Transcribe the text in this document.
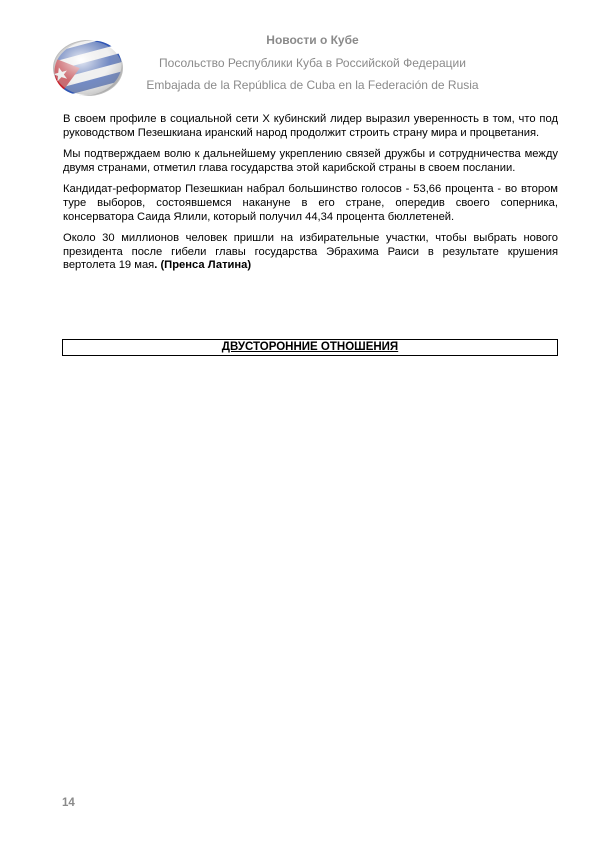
Новости о Кубе
Посольство Республики Куба в Российской Федерации
Embajada de la República de Cuba en la Federación de Rusia

В своем профиле в социальной сети Х кубинский лидер выразил уверенность в том, что под руководством Пезешкиана иранский народ продолжит строить страну мира и процветания.

Мы подтверждаем волю к дальнейшему укреплению связей дружбы и сотрудничества между двумя странами, отметил глава государства этой карибской страны в своем послании.

Кандидат-реформатор Пезешкиан набрал большинство голосов - 53,66 процента - во втором туре выборов, состоявшемся накануне в его стране, опередив своего соперника, консерватора Саида Ялили, который получил 44,34 процента бюллетеней.

Около 30 миллионов человек пришли на избирательные участки, чтобы выбрать нового президента после гибели главы государства Эбрахима Раиси в результате крушения вертолета 19 мая. (Пренса Латина)

ДВУСТОРОННИЕ ОТНОШЕНИЯ
14
